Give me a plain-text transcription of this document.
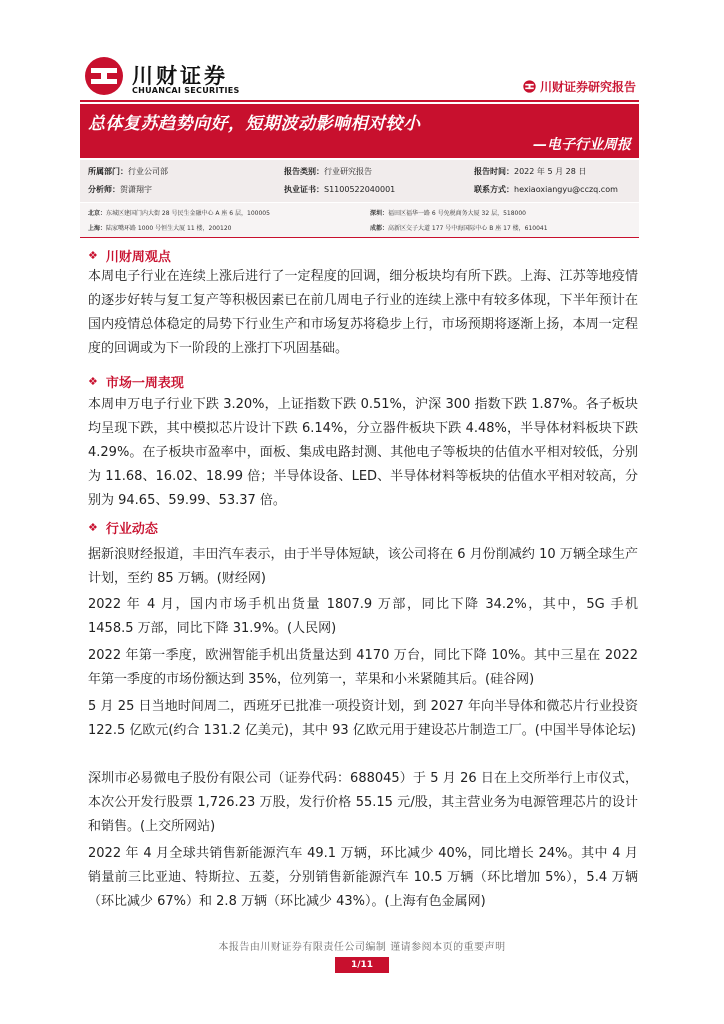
川财证券
CHUANCAI SECURITIES	川财证券研究报告
总体复苏趋势向好，短期波动影响相对较小
—电子行业周报
所属部门：行业公司部	报告类别：行业研究报告	报告时间：2022 年 5 月 28 日
分析师：贺潇翔宇	执业证书：S1100522040001	联系方式：hexiaoxiangyu@cczq.com
北京：东城区建国门内大街 28 号民生金融中心 A 座 6 层，100005	深圳：福田区福华一路 6 号免税商务大厦 32 层，518000
上海：陆家嘴环路 1000 号恒生大厦 11 楼，200120	成都：高新区交子大道 177 号中海国际中心 B 座 17 楼，610041
❖ 川财周观点
本周电子行业在连续上涨后进行了一定程度的回调，细分板块均有所下跌。上海、江苏等地疫情的逐步好转与复工复产等积极因素已在前几周电子行业的连续上涨中有较多体现，下半年预计在国内疫情总体稳定的局势下行业生产和市场复苏将稳步上行，市场预期将逐渐上扬，本周一定程度的回调或为下一阶段的上涨打下巩固基础。
❖ 市场一周表现
本周申万电子行业下跌 3.20%，上证指数下跌 0.51%，沪深 300 指数下跌 1.87%。各子板块均呈现下跌，其中模拟芯片设计下跌 6.14%，分立器件板块下跌 4.48%，半导体材料板块下跌 4.29%。在子板块市盈率中，面板、集成电路封测、其他电子等板块的估值水平相对较低，分别为 11.68、16.02、18.99 倍；半导体设备、LED、半导体材料等板块的估值水平相对较高，分别为 94.65、59.99、53.37 倍。
❖ 行业动态
据新浪财经报道，丰田汽车表示，由于半导体短缺，该公司将在 6 月份削减约 10 万辆全球生产计划，至约 85 万辆。(财经网)
2022 年 4 月，国内市场手机出货量 1807.9 万部，同比下降 34.2%，其中，5G 手机 1458.5 万部，同比下降 31.9%。(人民网)
2022 年第一季度，欧洲智能手机出货量达到 4170 万台，同比下降 10%。其中三星在 2022 年第一季度的市场份额达到 35%，位列第一，苹果和小米紧随其后。(硅谷网)
5 月 25 日当地时间周二，西班牙已批准一项投资计划，到 2027 年向半导体和微芯片行业投资 122.5 亿欧元(约合 131.2 亿美元)，其中 93 亿欧元用于建设芯片制造工厂。(中国半导体论坛)
深圳市必易微电子股份有限公司（证券代码：688045）于 5 月 26 日在上交所举行上市仪式，本次公开发行股票 1,726.23 万股，发行价格 55.15 元/股，其主营业务为电源管理芯片的设计和销售。(上交所网站)
2022 年 4 月全球共销售新能源汽车 49.1 万辆，环比减少 40%，同比增长 24%。其中 4 月销量前三比亚迪、特斯拉、五菱，分别销售新能源汽车 10.5 万辆（环比增加 5%），5.4 万辆（环比减少 67%）和 2.8 万辆（环比减少 43%）。(上海有色金属网)
本报告由川财证券有限责任公司编制 谨请参阅本页的重要声明
1/11
